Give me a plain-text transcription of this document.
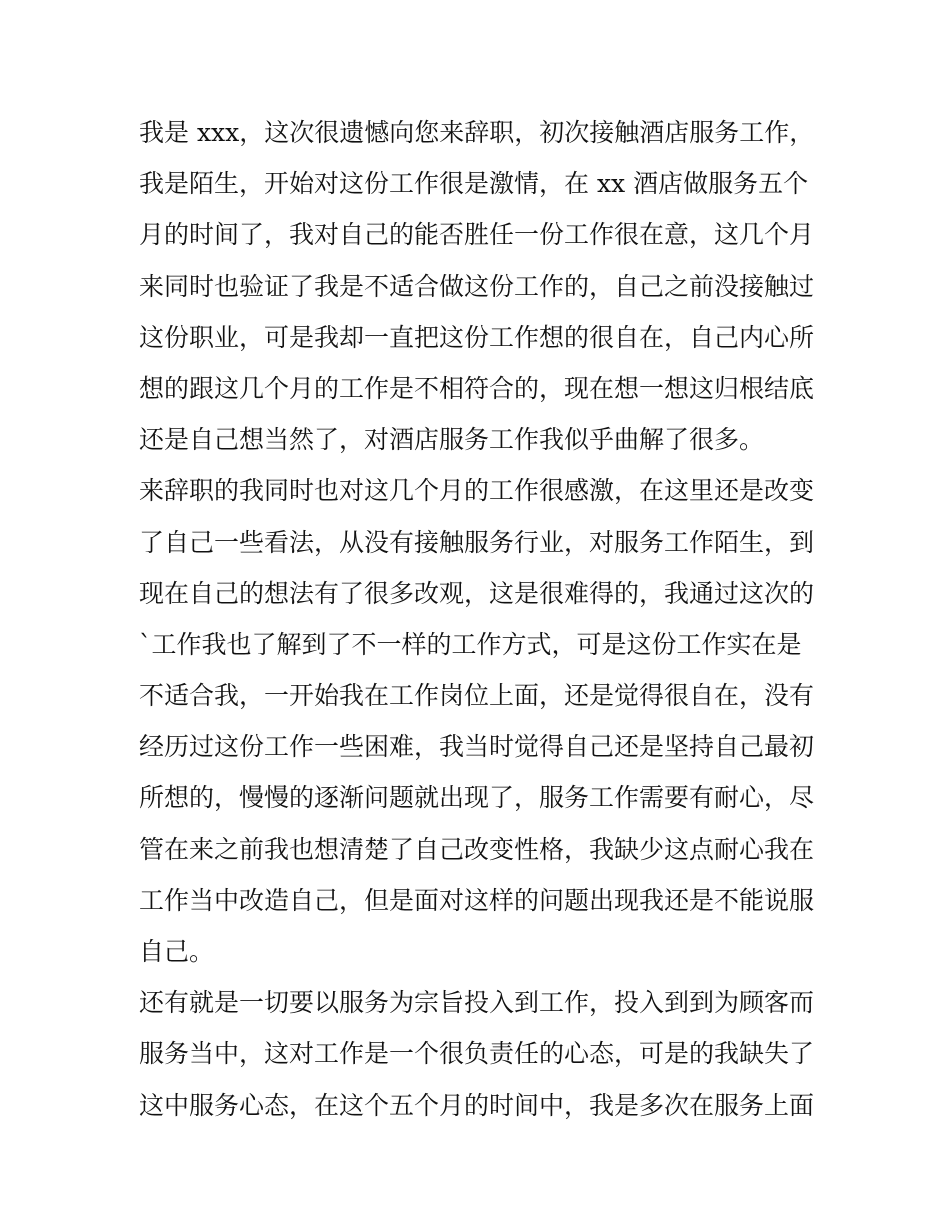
我是 xxx，这次很遗憾向您来辞职，初次接触酒店服务工作，
我是陌生，开始对这份工作很是激情，在 xx 酒店做服务五个
月的时间了，我对自己的能否胜任一份工作很在意，这几个月
来同时也验证了我是不适合做这份工作的，自己之前没接触过
这份职业，可是我却一直把这份工作想的很自在，自己内心所
想的跟这几个月的工作是不相符合的，现在想一想这归根结底
还是自己想当然了，对酒店服务工作我似乎曲解了很多。
来辞职的我同时也对这几个月的工作很感激，在这里还是改变
了自己一些看法，从没有接触服务行业，对服务工作陌生，到
现在自己的想法有了很多改观，这是很难得的，我通过这次的
`工作我也了解到了不一样的工作方式，可是这份工作实在是
不适合我，一开始我在工作岗位上面，还是觉得很自在，没有
经历过这份工作一些困难，我当时觉得自己还是坚持自己最初
所想的，慢慢的逐渐问题就出现了，服务工作需要有耐心，尽
管在来之前我也想清楚了自己改变性格，我缺少这点耐心我在
工作当中改造自己，但是面对这样的问题出现我还是不能说服
自己。
还有就是一切要以服务为宗旨投入到工作，投入到到为顾客而
服务当中，这对工作是一个很负责任的心态，可是的我缺失了
这中服务心态，在这个五个月的时间中，我是多次在服务上面
